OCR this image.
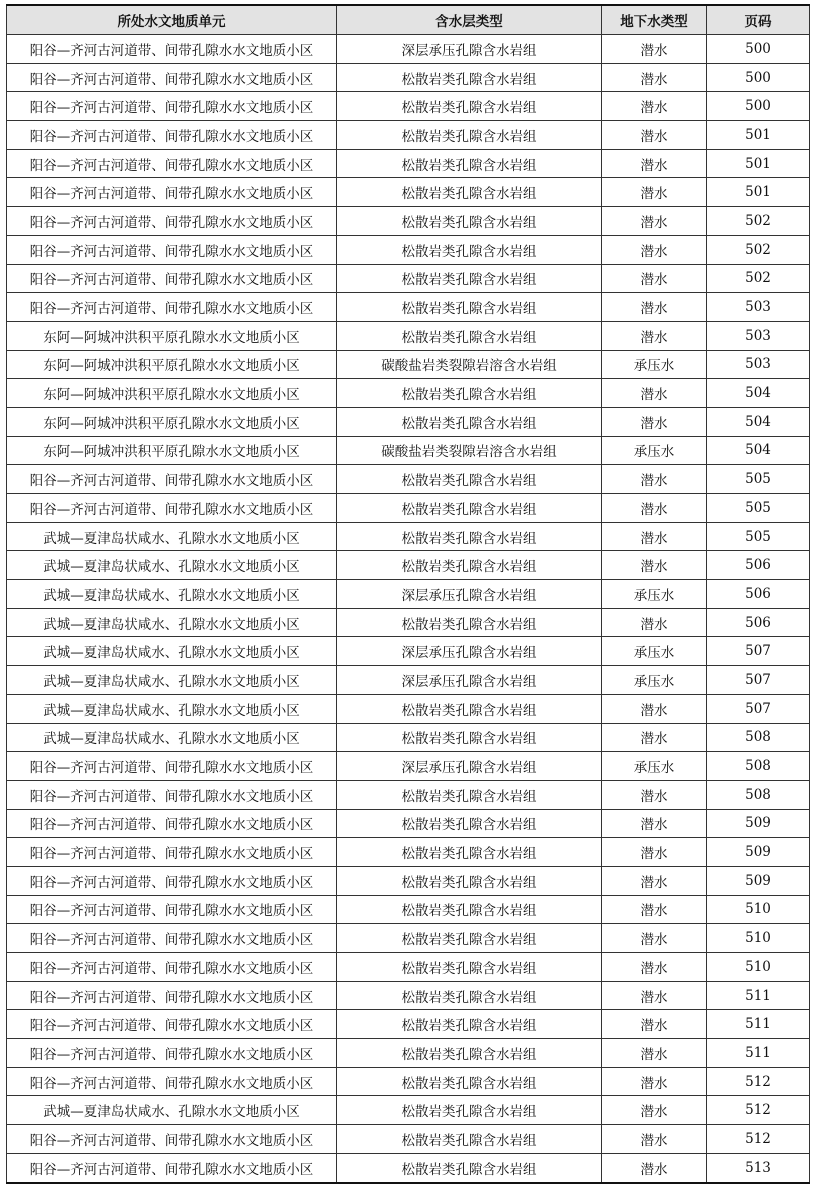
所处水文地质单元	含水层类型	地下水类型	页码
阳谷—齐河古河道带、间带孔隙水水文地质小区	深层承压孔隙含水岩组	潜水	500
阳谷—齐河古河道带、间带孔隙水水文地质小区	松散岩类孔隙含水岩组	潜水	500
阳谷—齐河古河道带、间带孔隙水水文地质小区	松散岩类孔隙含水岩组	潜水	500
阳谷—齐河古河道带、间带孔隙水水文地质小区	松散岩类孔隙含水岩组	潜水	501
阳谷—齐河古河道带、间带孔隙水水文地质小区	松散岩类孔隙含水岩组	潜水	501
阳谷—齐河古河道带、间带孔隙水水文地质小区	松散岩类孔隙含水岩组	潜水	501
阳谷—齐河古河道带、间带孔隙水水文地质小区	松散岩类孔隙含水岩组	潜水	502
阳谷—齐河古河道带、间带孔隙水水文地质小区	松散岩类孔隙含水岩组	潜水	502
阳谷—齐河古河道带、间带孔隙水水文地质小区	松散岩类孔隙含水岩组	潜水	502
阳谷—齐河古河道带、间带孔隙水水文地质小区	松散岩类孔隙含水岩组	潜水	503
东阿—阿城冲洪积平原孔隙水水文地质小区	松散岩类孔隙含水岩组	潜水	503
东阿—阿城冲洪积平原孔隙水水文地质小区	碳酸盐岩类裂隙岩溶含水岩组	承压水	503
东阿—阿城冲洪积平原孔隙水水文地质小区	松散岩类孔隙含水岩组	潜水	504
东阿—阿城冲洪积平原孔隙水水文地质小区	松散岩类孔隙含水岩组	潜水	504
东阿—阿城冲洪积平原孔隙水水文地质小区	碳酸盐岩类裂隙岩溶含水岩组	承压水	504
阳谷—齐河古河道带、间带孔隙水水文地质小区	松散岩类孔隙含水岩组	潜水	505
阳谷—齐河古河道带、间带孔隙水水文地质小区	松散岩类孔隙含水岩组	潜水	505
武城—夏津岛状咸水、孔隙水水文地质小区	松散岩类孔隙含水岩组	潜水	505
武城—夏津岛状咸水、孔隙水水文地质小区	松散岩类孔隙含水岩组	潜水	506
武城—夏津岛状咸水、孔隙水水文地质小区	深层承压孔隙含水岩组	承压水	506
武城—夏津岛状咸水、孔隙水水文地质小区	松散岩类孔隙含水岩组	潜水	506
武城—夏津岛状咸水、孔隙水水文地质小区	深层承压孔隙含水岩组	承压水	507
武城—夏津岛状咸水、孔隙水水文地质小区	深层承压孔隙含水岩组	承压水	507
武城—夏津岛状咸水、孔隙水水文地质小区	松散岩类孔隙含水岩组	潜水	507
武城—夏津岛状咸水、孔隙水水文地质小区	松散岩类孔隙含水岩组	潜水	508
阳谷—齐河古河道带、间带孔隙水水文地质小区	深层承压孔隙含水岩组	承压水	508
阳谷—齐河古河道带、间带孔隙水水文地质小区	松散岩类孔隙含水岩组	潜水	508
阳谷—齐河古河道带、间带孔隙水水文地质小区	松散岩类孔隙含水岩组	潜水	509
阳谷—齐河古河道带、间带孔隙水水文地质小区	松散岩类孔隙含水岩组	潜水	509
阳谷—齐河古河道带、间带孔隙水水文地质小区	松散岩类孔隙含水岩组	潜水	509
阳谷—齐河古河道带、间带孔隙水水文地质小区	松散岩类孔隙含水岩组	潜水	510
阳谷—齐河古河道带、间带孔隙水水文地质小区	松散岩类孔隙含水岩组	潜水	510
阳谷—齐河古河道带、间带孔隙水水文地质小区	松散岩类孔隙含水岩组	潜水	510
阳谷—齐河古河道带、间带孔隙水水文地质小区	松散岩类孔隙含水岩组	潜水	511
阳谷—齐河古河道带、间带孔隙水水文地质小区	松散岩类孔隙含水岩组	潜水	511
阳谷—齐河古河道带、间带孔隙水水文地质小区	松散岩类孔隙含水岩组	潜水	511
阳谷—齐河古河道带、间带孔隙水水文地质小区	松散岩类孔隙含水岩组	潜水	512
武城—夏津岛状咸水、孔隙水水文地质小区	松散岩类孔隙含水岩组	潜水	512
阳谷—齐河古河道带、间带孔隙水水文地质小区	松散岩类孔隙含水岩组	潜水	512
阳谷—齐河古河道带、间带孔隙水水文地质小区	松散岩类孔隙含水岩组	潜水	513
